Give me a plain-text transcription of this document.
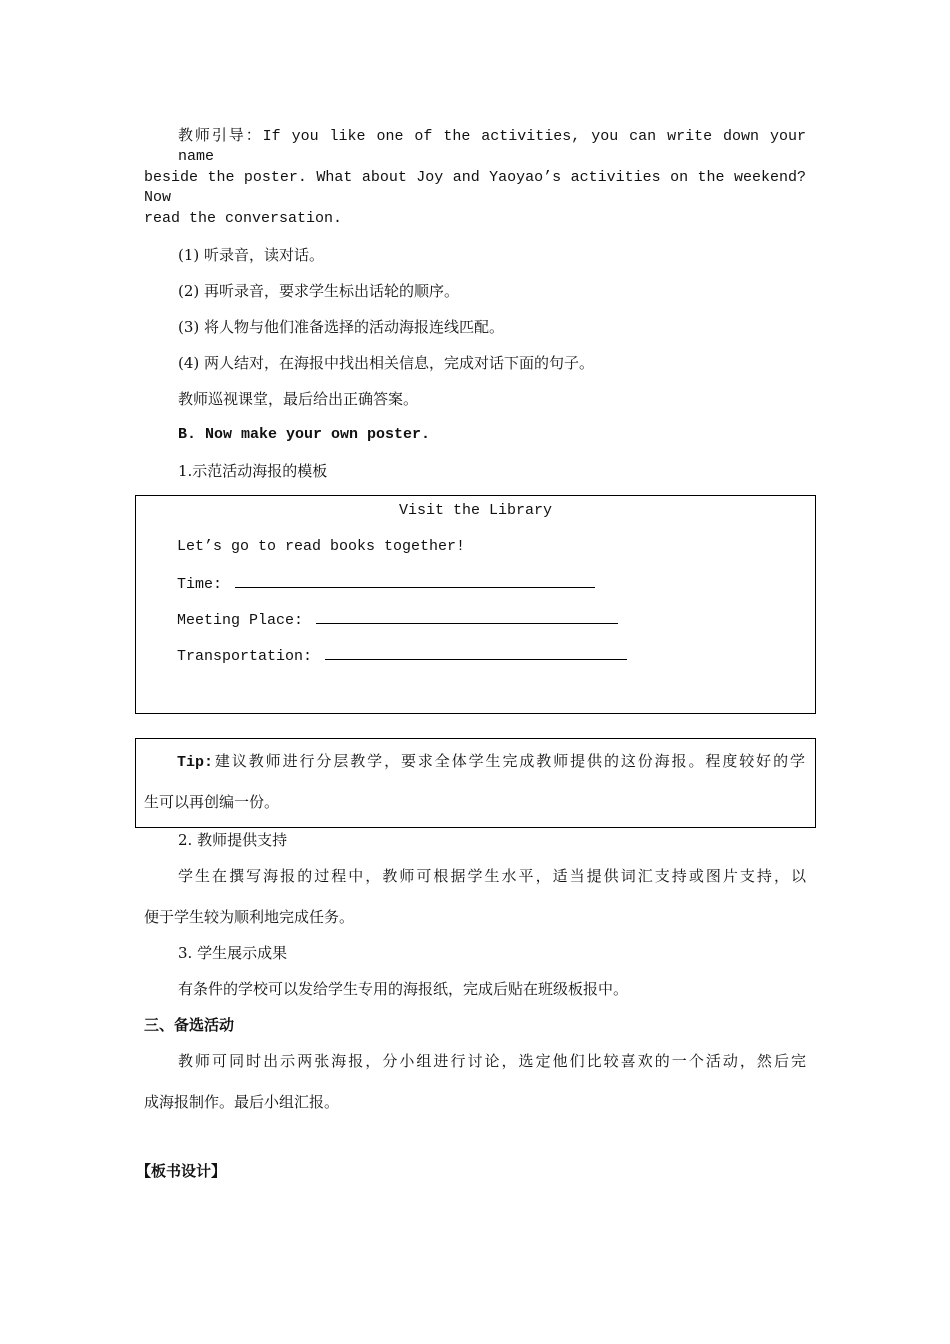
教师引导：If you like one of the activities, you can write down your name
beside the poster. What about Joy and Yaoyao’s activities on the weekend? Now
read the conversation.
(1) 听录音，读对话。
(2) 再听录音，要求学生标出话轮的顺序。
(3) 将人物与他们准备选择的活动海报连线匹配。
(4) 两人结对，在海报中找出相关信息，完成对话下面的句子。
教师巡视课堂，最后给出正确答案。
B. Now make your own poster.
1.示范活动海报的模板
Visit the Library
Let’s go to read books together!
Time:
Meeting Place:
Transportation:
Tip:建议教师进行分层教学，要求全体学生完成教师提供的这份海报。程度较好的学
生可以再创编一份。
2. 教师提供支持
学生在撰写海报的过程中，教师可根据学生水平，适当提供词汇支持或图片支持，以
便于学生较为顺利地完成任务。
3. 学生展示成果
有条件的学校可以发给学生专用的海报纸，完成后贴在班级板报中。
三、备选活动
教师可同时出示两张海报，分小组进行讨论，选定他们比较喜欢的一个活动，然后完
成海报制作。最后小组汇报。
【板书设计】
